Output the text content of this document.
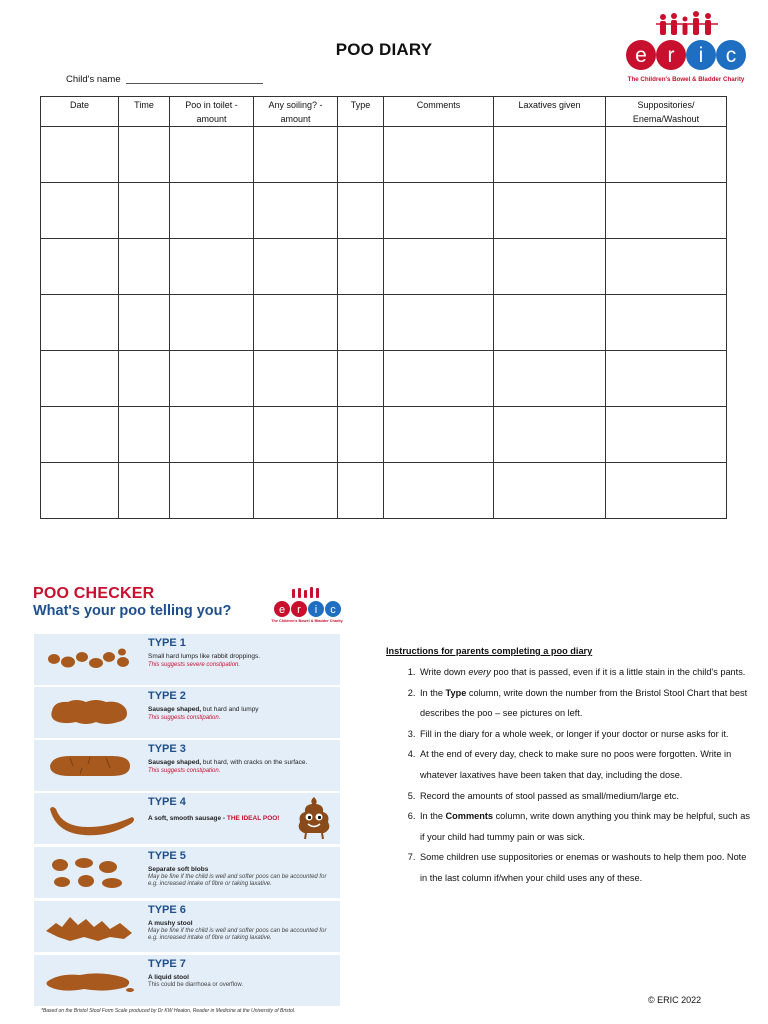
POO DIARY
Child's name
e r i c
The Children's Bowel & Bladder Charity
Date	Time	Poo in toilet - amount	Any soiling? - amount	Type	Comments	Laxatives given	Suppositories/ Enema/Washout

POO CHECKER
What's your poo telling you?	e r i c
The Children's Bowel & Bladder Charity
TYPE 1
Small hard lumps like rabbit droppings.
This suggests severe constipation.
TYPE 2
Sausage shaped, but hard and lumpy
This suggests constipation.
TYPE 3
Sausage shaped, but hard, with cracks on the surface.
This suggests constipation.
TYPE 4
A soft, smooth sausage - THE IDEAL POO!
TYPE 5
Separate soft blobs
May be fine if the child is well and softer poos can be accounted for e.g. increased intake of fibre or taking laxative.
TYPE 6
A mushy stool
May be fine if the child is well and softer poos can be accounted for e.g. increased intake of fibre or taking laxative.
TYPE 7
A liquid stool
This could be diarrhoea or overflow.
*Based on the Bristol Stool Form Scale produced by Dr KW Heaton, Reader in Medicine at the University of Bristol.
Instructions for parents completing a poo diary
1. Write down every poo that is passed, even if it is a little stain in the child's pants.
2. In the Type column, write down the number from the Bristol Stool Chart that best describes the poo – see pictures on left.
3. Fill in the diary for a whole week, or longer if your doctor or nurse asks for it.
4. At the end of every day, check to make sure no poos were forgotten. Write in whatever laxatives have been taken that day, including the dose.
5. Record the amounts of stool passed as small/medium/large etc.
6. In the Comments column, write down anything you think may be helpful, such as if your child had tummy pain or was sick.
7. Some children use suppositories or enemas or washouts to help them poo. Note in the last column if/when your child uses any of these.
© ERIC 2022
